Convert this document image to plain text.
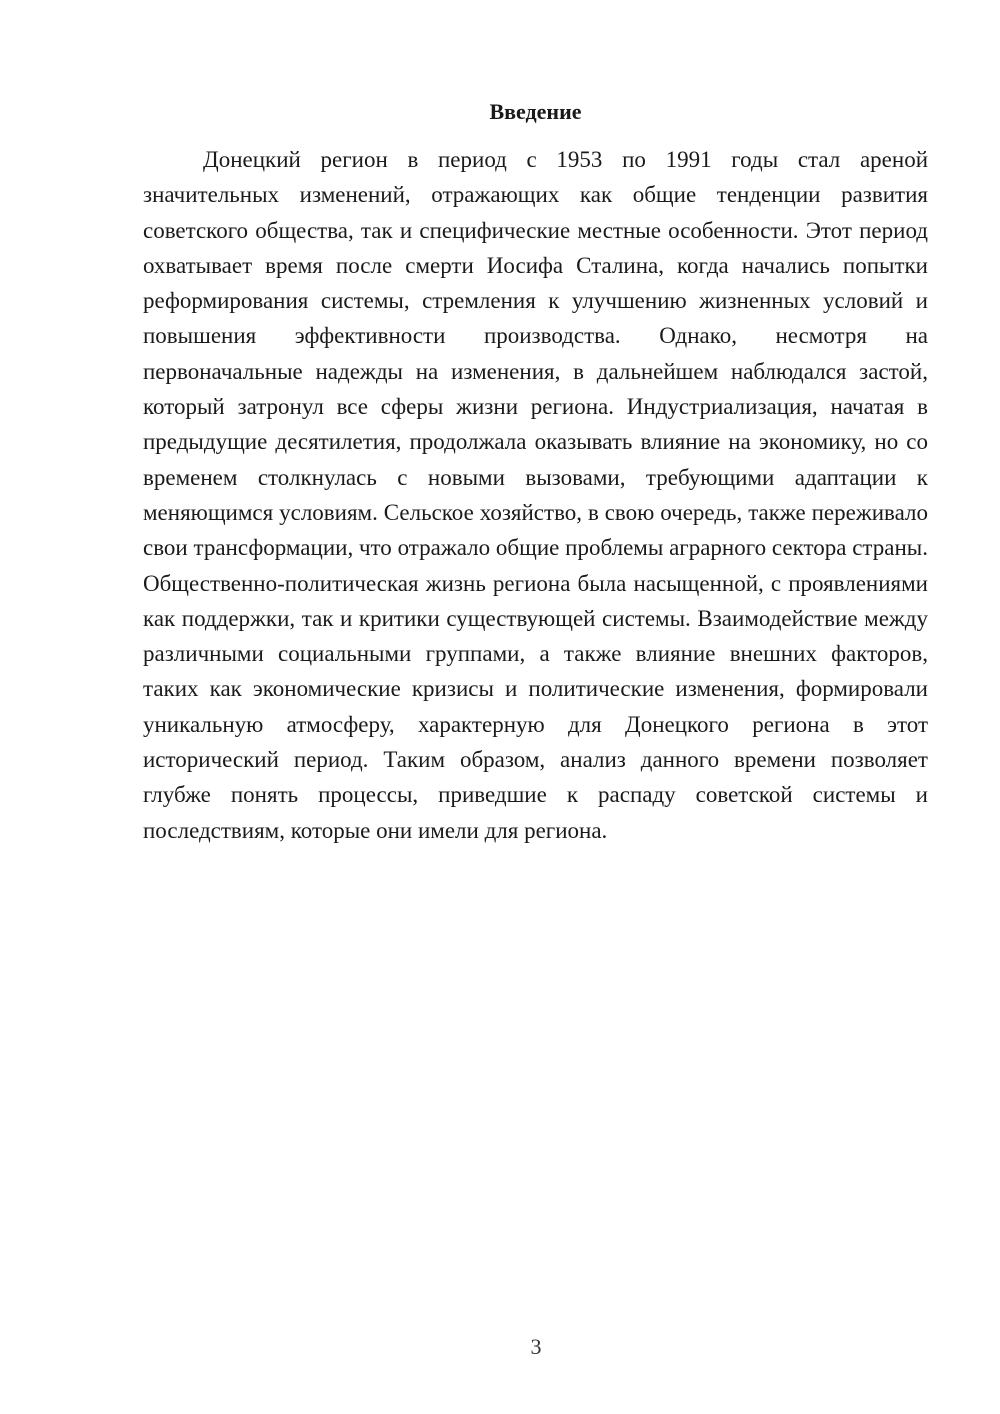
Введение

Донецкий регион в период с 1953 по 1991 годы стал ареной значительных изменений, отражающих как общие тенденции развития советского общества, так и специфические местные особенности. Этот период охватывает время после смерти Иосифа Сталина, когда начались попытки реформирования системы, стремления к улучшению жизненных условий и повышения эффективности производства. Однако, несмотря на первоначальные надежды на изменения, в дальнейшем наблюдался застой, который затронул все сферы жизни региона. Индустриализация, начатая в предыдущие десятилетия, продолжала оказывать влияние на экономику, но со временем столкнулась с новыми вызовами, требующими адаптации к меняющимся условиям. Сельское хозяйство, в свою очередь, также переживало свои трансформации, что отражало общие проблемы аграрного сектора страны. Общественно-политическая жизнь региона была насыщенной, с проявлениями как поддержки, так и критики существующей системы. Взаимодействие между различными социальными группами, а также влияние внешних факторов, таких как экономические кризисы и политические изменения, формировали уникальную атмосферу, характерную для Донецкого региона в этот исторический период. Таким образом, анализ данного времени позволяет глубже понять процессы, приведшие к распаду советской системы и последствиям, которые они имели для региона.

3
